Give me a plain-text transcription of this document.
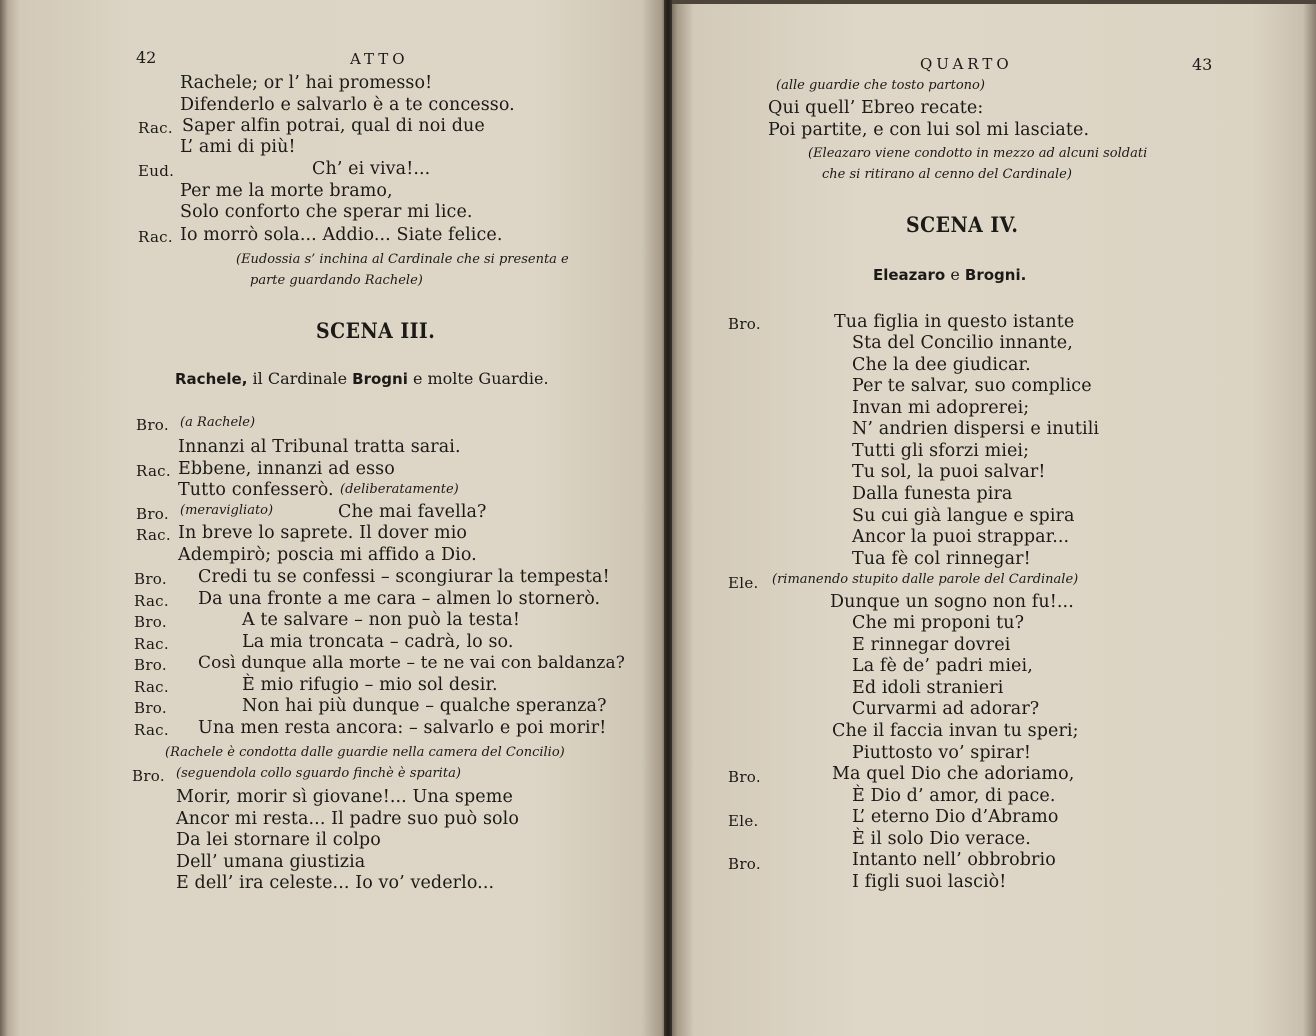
42	ATTO
Rachele; or l’ hai promesso!
Difenderlo e salvarlo è a te concesso.
Rac. Saper alfin potrai, qual di noi due
L’ ami di più!
Eud.	Ch’ ei viva!...
Per me la morte bramo,
Solo conforto che sperar mi lice.
Rac. Io morrò sola... Addio... Siate felice.
(Eudossia s’ inchina al Cardinale che si presenta e
parte guardando Rachele)
SCENA III.
Rachele, il Cardinale Brogni e molte Guardie.
Bro. (a Rachele)
Innanzi al Tribunal tratta sarai.
Rac. Ebbene, innanzi ad esso
Tutto confesserò. (deliberatamente)
Bro. (meravigliato)	Che mai favella?
Rac. In breve lo saprete. Il dover mio
Adempirò; poscia mi affido a Dio.
Bro. Credi tu se confessi – scongiurar la tempesta!
Rac. Da una fronte a me cara – almen lo stornerò.
Bro.	A te salvare – non può la testa!
Rac.	La mia troncata – cadrà, lo so.
Bro. Così dunque alla morte – te ne vai con baldanza?
Rac.	È mio rifugio – mio sol desir.
Bro.	Non hai più dunque – qualche speranza?
Rac. Una men resta ancora: – salvarlo e poi morir!
(Rachele è condotta dalle guardie nella camera del Concilio)
Bro. (seguendola collo sguardo finchè è sparita)
Morir, morir sì giovane!... Una speme
Ancor mi resta... Il padre suo può solo
Da lei stornare il colpo
Dell’ umana giustizia
E dell’ ira celeste... Io vo’ vederlo...
QUARTO	43
(alle guardie che tosto partono)
Qui quell’ Ebreo recate:
Poi partite, e con lui sol mi lasciate.
(Eleazaro viene condotto in mezzo ad alcuni soldati
che si ritirano al cenno del Cardinale)
SCENA IV.
Eleazaro e Brogni.
Bro.	Tua figlia in questo istante
Sta del Concilio innante,
Che la dee giudicar.
Per te salvar, suo complice
Invan mi adoprerei;
N’ andrien dispersi e inutili
Tutti gli sforzi miei;
Tu sol, la puoi salvar!
Dalla funesta pira
Su cui già langue e spira
Ancor la puoi strappar...
Tua fè col rinnegar!
Ele. (rimanendo stupito dalle parole del Cardinale)
Dunque un sogno non fu!...
Che mi proponi tu?
E rinnegar dovrei
La fè de’ padri miei,
Ed idoli stranieri
Curvarmi ad adorar?
Che il faccia invan tu speri;
Piuttosto vo’ spirar!
Bro.	Ma quel Dio che adoriamo,
È Dio d’ amor, di pace.
Ele.	L’ eterno Dio d’Abramo
È il solo Dio verace.
Bro.	Intanto nell’ obbrobrio
I figli suoi lasciò!
